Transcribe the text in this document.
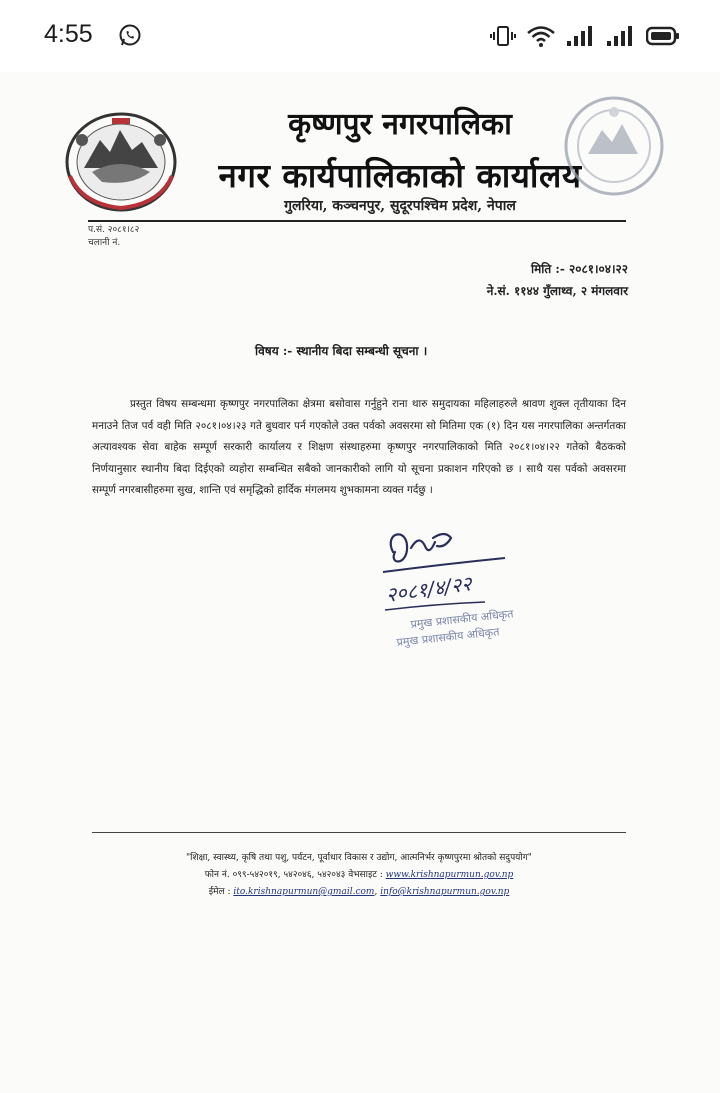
4:55
कृष्णपुर नगरपालिका
नगर कार्यपालिकाको कार्यालय
गुलरिया, कञ्चनपुर, सुदूरपश्चिम प्रदेश, नेपाल
प.सं. २०८१।८२
चलानी नं.
मिति :- २०८१।०४।२२
ने.सं. ११४४ गुँलाथ्व, २ मंगलवार
विषय :- स्थानीय बिदा सम्बन्धी सूचना ।
प्रस्तुत विषय सम्बन्धमा कृष्णपुर नगरपालिका क्षेत्रमा बसोवास गर्नुहुने राना थारु समुदायका महिलाहरुले श्रावण शुक्ल तृतीयाका दिन मनाउने तिज पर्व वही मिति २०८१।०४।२३ गते बुधवार पर्न गएकोले उक्त पर्वको अवसरमा सो मितिमा एक (१) दिन यस नगरपालिका अन्तर्गतका अत्यावश्यक सेवा बाहेक सम्पूर्ण सरकारी कार्यालय र शिक्षण संस्थाहरुमा कृष्णपुर नगरपालिकाको मिति २०८१।०४।२२ गतेको बैठकको निर्णयानुसार स्थानीय बिदा दिईएको व्यहोरा सम्बन्धित सबैको जानकारीको लागि यो सूचना प्रकाशन गरिएको छ । साथै यस पर्वको अवसरमा सम्पूर्ण नगरबासीहरुमा सुख, शान्ति एवं समृद्धिको हार्दिक मंगलमय शुभकामना व्यक्त गर्दछु ।
२०८१/४/२२
प्रमुख प्रशासकीय अधिकृत
प्रमुख प्रशासकीय अधिकृत
"शिक्षा, स्वास्थ्य, कृषि तथा पशु, पर्यटन, पूर्वाधार विकास र उद्योग, आत्मनिर्भर कृष्णपुरमा श्रोतको सदुपयोग"
फोन नं. ०९९-५४२०१९, ५४२०४६, ५४२०४३ वेभसाइट : www.krishnapurmun.gov.np
ईमेल : ito.krishnapurmun@gmail.com, info@krishnapurmun.gov.np
